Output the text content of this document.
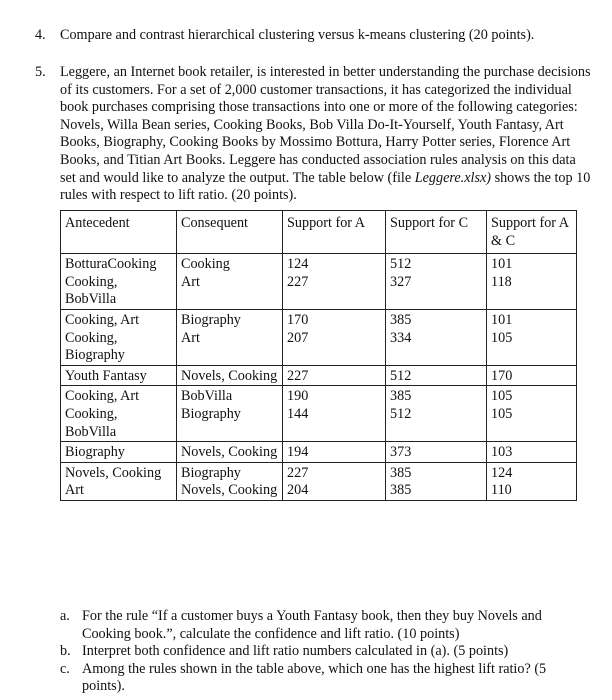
4. Compare and contrast hierarchical clustering versus k-means clustering (20 points).
5. Leggere, an Internet book retailer, is interested in better understanding the purchase decisions of its customers. For a set of 2,000 customer transactions, it has categorized the individual book purchases comprising those transactions into one or more of the following categories: Novels, Willa Bean series, Cooking Books, Bob Villa Do-It-Yourself, Youth Fantasy, Art Books, Biography, Cooking Books by Mossimo Bottura, Harry Potter series, Florence Art Books, and Titian Art Books. Leggere has conducted association rules analysis on this data set and would like to analyze the output. The table below (file Leggere.xlsx) shows the top 10 rules with respect to lift ratio. (20 points).
Antecedent	Consequent	Support for A	Support for C	Support for A & C
BotturaCooking	Cooking	124	512	101
Cooking, BobVilla	Art	227	327	118
Cooking, Art	Biography	170	385	101
Cooking, Biography	Art	207	334	105
Youth Fantasy	Novels, Cooking	227	512	170
Cooking, Art	BobVilla	190	385	105
Cooking, BobVilla	Biography	144	512	105
Biography	Novels, Cooking	194	373	103
Novels, Cooking	Biography	227	385	124
Art	Novels, Cooking	204	385	110
a. For the rule “If a customer buys a Youth Fantasy book, then they buy Novels and Cooking book.”, calculate the confidence and lift ratio. (10 points)
b. Interpret both confidence and lift ratio numbers calculated in (a). (5 points)
c. Among the rules shown in the table above, which one has the highest lift ratio? (5 points).
